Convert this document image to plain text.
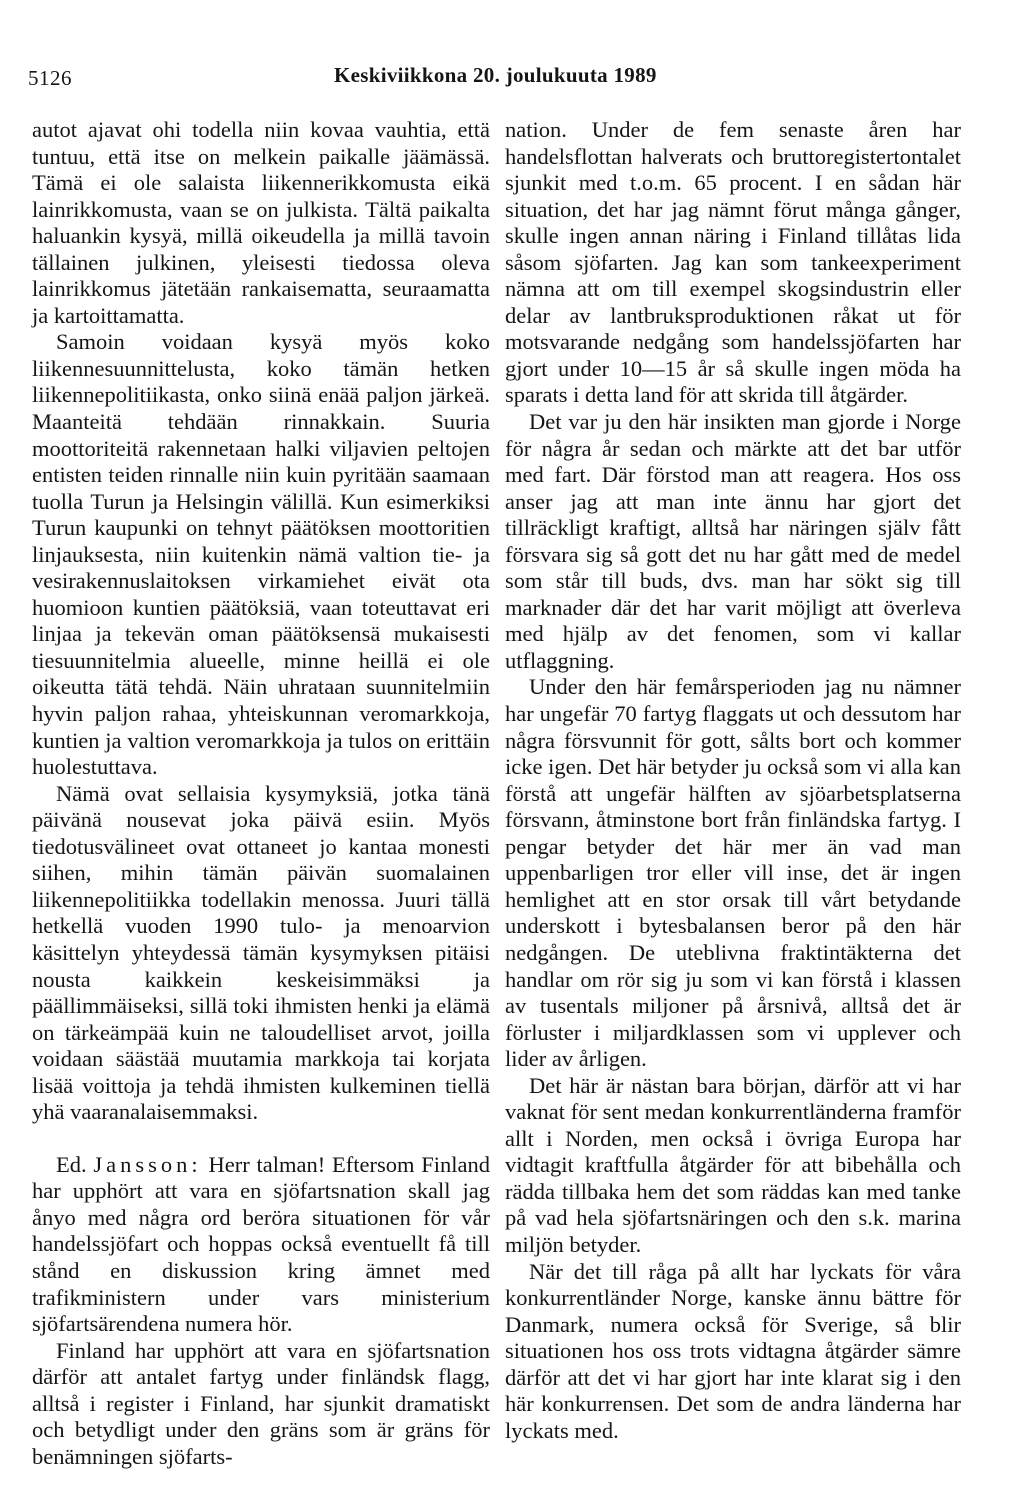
5126	Keskiviikkona 20. joulukuuta 1989

autot ajavat ohi todella niin kovaa vauhtia, että tuntuu, että itse on melkein paikalle jäämässä. Tämä ei ole salaista liikennerikkomusta eikä lainrikkomusta, vaan se on julkista. Tältä paikalta haluankin kysyä, millä oikeudella ja millä tavoin tällainen julkinen, yleisesti tiedossa oleva lainrikkomus jätetään rankaisematta, seuraamatta ja kartoittamatta.

Samoin voidaan kysyä myös koko liikennesuunnittelusta, koko tämän hetken liikennepolitiikasta, onko siinä enää paljon järkeä. Maanteitä tehdään rinnakkain. Suuria moottoriteitä rakennetaan halki viljavien peltojen entisten teiden rinnalle niin kuin pyritään saamaan tuolla Turun ja Helsingin välillä. Kun esimerkiksi Turun kaupunki on tehnyt päätöksen moottoritien linjauksesta, niin kuitenkin nämä valtion tie- ja vesirakennuslaitoksen virkamiehet eivät ota huomioon kuntien päätöksiä, vaan toteuttavat eri linjaa ja tekevän oman päätöksensä mukaisesti tiesuunnitelmia alueelle, minne heillä ei ole oikeutta tätä tehdä. Näin uhrataan suunnitelmiin hyvin paljon rahaa, yhteiskunnan veromarkkoja, kuntien ja valtion veromarkkoja ja tulos on erittäin huolestuttava.

Nämä ovat sellaisia kysymyksiä, jotka tänä päivänä nousevat joka päivä esiin. Myös tiedotusvälineet ovat ottaneet jo kantaa monesti siihen, mihin tämän päivän suomalainen liikennepolitiikka todellakin menossa. Juuri tällä hetkellä vuoden 1990 tulo- ja menoarvion käsittelyn yhteydessä tämän kysymyksen pitäisi nousta kaikkein keskeisimmäksi ja päällimmäiseksi, sillä toki ihmisten henki ja elämä on tärkeämpää kuin ne taloudelliset arvot, joilla voidaan säästää muutamia markkoja tai korjata lisää voittoja ja tehdä ihmisten kulkeminen tiellä yhä vaaranalaisemmaksi.

Ed. Jansson: Herr talman! Eftersom Finland har upphört att vara en sjöfartsnation skall jag ånyo med några ord beröra situationen för vår handelssjöfart och hoppas också eventuellt få till stånd en diskussion kring ämnet med trafikministern under vars ministerium sjöfartsärendena numera hör.

Finland har upphört att vara en sjöfartsnation därför att antalet fartyg under finländsk flagg, alltså i register i Finland, har sjunkit dramatiskt och betydligt under den gräns som är gräns för benämningen sjöfarts-

nation. Under de fem senaste åren har handelsflottan halverats och bruttoregistertontalet sjunkit med t.o.m. 65 procent. I en sådan här situation, det har jag nämnt förut många gånger, skulle ingen annan näring i Finland tillåtas lida såsom sjöfarten. Jag kan som tankeexperiment nämna att om till exempel skogsindustrin eller delar av lantbruksproduktionen råkat ut för motsvarande nedgång som handelssjöfarten har gjort under 10—15 år så skulle ingen möda ha sparats i detta land för att skrida till åtgärder.

Det var ju den här insikten man gjorde i Norge för några år sedan och märkte att det bar utför med fart. Där förstod man att reagera. Hos oss anser jag att man inte ännu har gjort det tillräckligt kraftigt, alltså har näringen själv fått försvara sig så gott det nu har gått med de medel som står till buds, dvs. man har sökt sig till marknader där det har varit möjligt att överleva med hjälp av det fenomen, som vi kallar utflaggning.

Under den här femårsperioden jag nu nämner har ungefär 70 fartyg flaggats ut och dessutom har några försvunnit för gott, sålts bort och kommer icke igen. Det här betyder ju också som vi alla kan förstå att ungefär hälften av sjöarbetsplatserna försvann, åtminstone bort från finländska fartyg. I pengar betyder det här mer än vad man uppenbarligen tror eller vill inse, det är ingen hemlighet att en stor orsak till vårt betydande underskott i bytesbalansen beror på den här nedgången. De uteblivna fraktintäkterna det handlar om rör sig ju som vi kan förstå i klassen av tusentals miljoner på årsnivå, alltså det är förluster i miljardklassen som vi upplever och lider av årligen.

Det här är nästan bara början, därför att vi har vaknat för sent medan konkurrentländerna framför allt i Norden, men också i övriga Europa har vidtagit kraftfulla åtgärder för att bibehålla och rädda tillbaka hem det som räddas kan med tanke på vad hela sjöfartsnäringen och den s.k. marina miljön betyder.

När det till råga på allt har lyckats för våra konkurrentländer Norge, kanske ännu bättre för Danmark, numera också för Sverige, så blir situationen hos oss trots vidtagna åtgärder sämre därför att det vi har gjort har inte klarat sig i den här konkurrensen. Det som de andra länderna har lyckats med.
